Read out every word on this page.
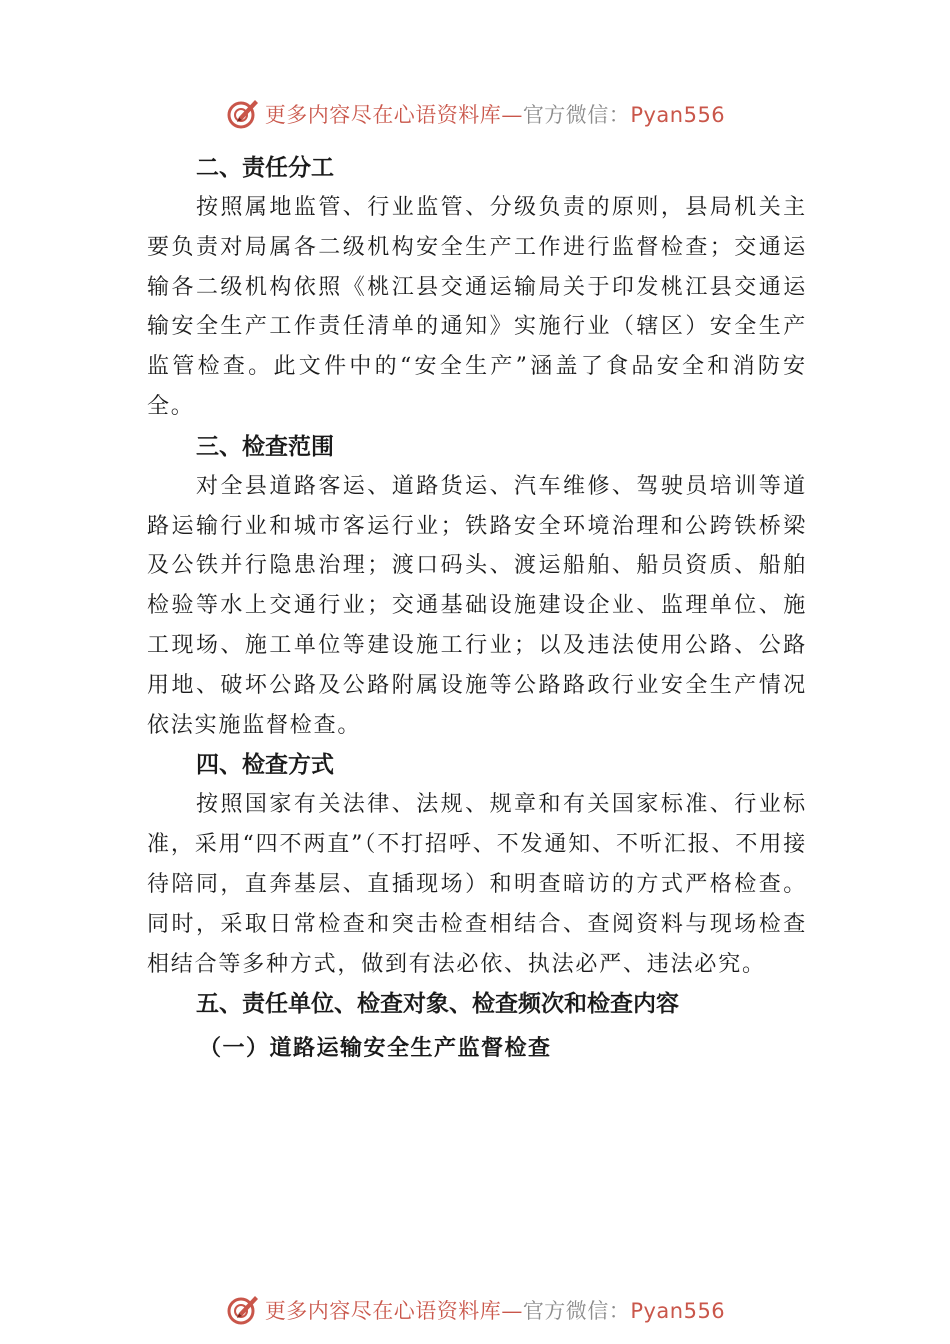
更多内容尽在心语资料库—官方微信：Pyan556
二、责任分工

按照属地监管、行业监管、分级负责的原则，县局机关主要负责对局属各二级机构安全生产工作进行监督检查；交通运输各二级机构依照《桃江县交通运输局关于印发桃江县交通运输安全生产工作责任清单的通知》实施行业（辖区）安全生产监管检查。此文件中的“安全生产”涵盖了食品安全和消防安全。

三、检查范围

对全县道路客运、道路货运、汽车维修、驾驶员培训等道路运输行业和城市客运行业；铁路安全环境治理和公跨铁桥梁及公铁并行隐患治理；渡口码头、渡运船舶、船员资质、船舶检验等水上交通行业；交通基础设施建设企业、监理单位、施工现场、施工单位等建设施工行业；以及违法使用公路、公路用地、破坏公路及公路附属设施等公路路政行业安全生产情况依法实施监督检查。

四、检查方式

按照国家有关法律、法规、规章和有关国家标准、行业标准，采用“四不两直”（不打招呼、不发通知、不听汇报、不用接待陪同，直奔基层、直插现场）和明查暗访的方式严格检查。同时，采取日常检查和突击检查相结合、查阅资料与现场检查相结合等多种方式，做到有法必依、执法必严、违法必究。

五、责任单位、检查对象、检查频次和检查内容
（一）道路运输安全生产监督检查
更多内容尽在心语资料库—官方微信：Pyan556
